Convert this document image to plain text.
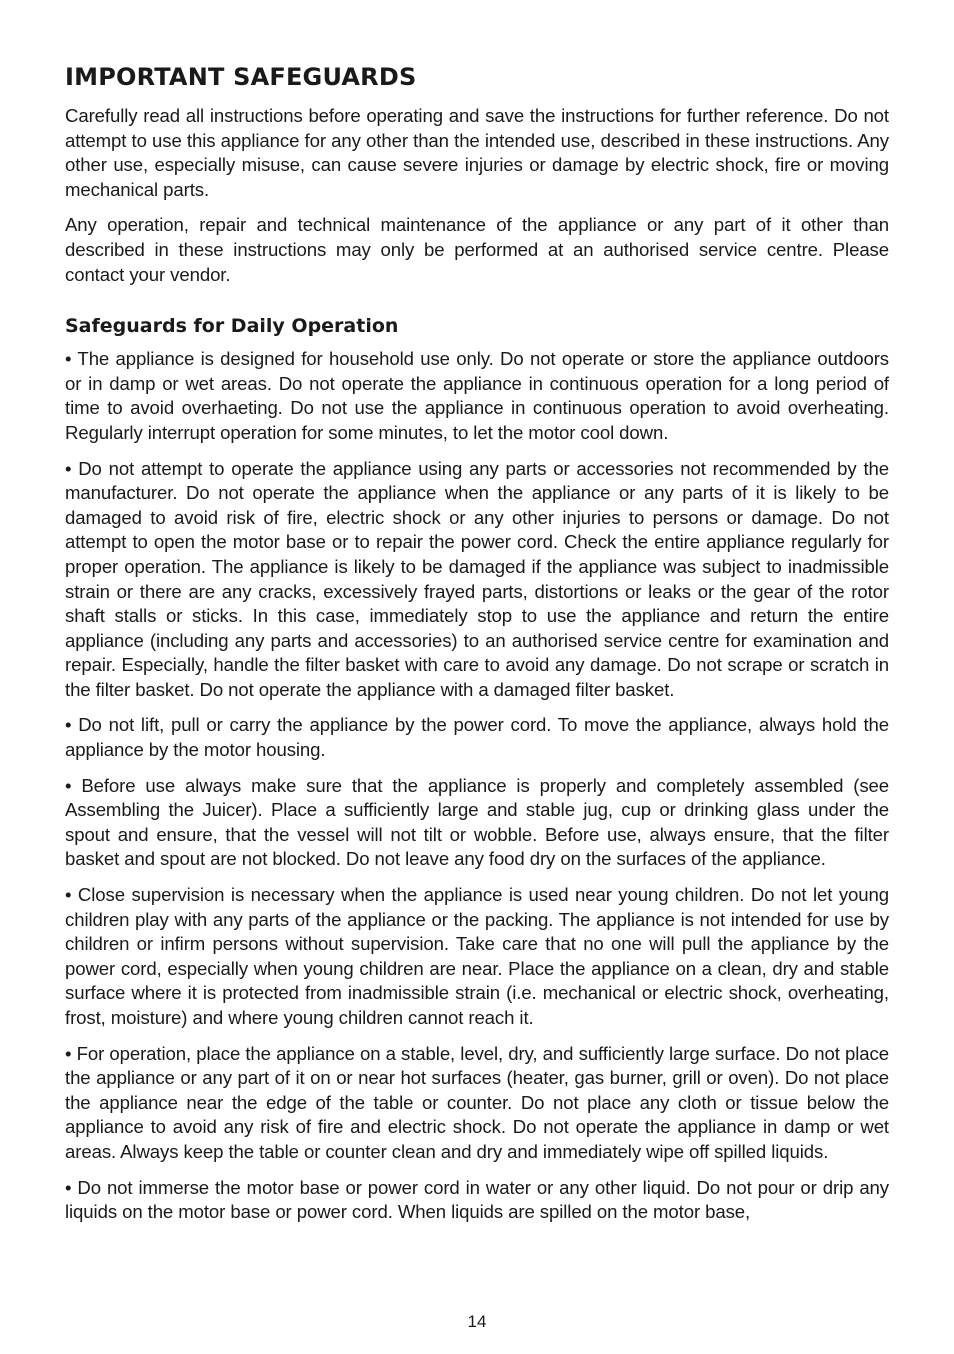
IMPORTANT SAFEGUARDS

Carefully read all instructions before operating and save the instructions for further reference. Do not attempt to use this appliance for any other than the intended use, described in these instructions. Any other use, especially misuse, can cause severe injuries or damage by electric shock, fire or moving mechanical parts.

Any operation, repair and technical maintenance of the appliance or any part of it other than described in these instructions may only be performed at an authorised service centre. Please contact your vendor.

Safeguards for Daily Operation

• The appliance is designed for household use only. Do not operate or store the appliance outdoors or in damp or wet areas. Do not operate the appliance in continuous operation for a long period of time to avoid overhaeting. Do not use the appliance in continuous operation to avoid overheating. Regularly interrupt operation for some minutes, to let the motor cool down.

• Do not attempt to operate the appliance using any parts or accessories not recommended by the manufacturer. Do not operate the appliance when the appliance or any parts of it is likely to be damaged to avoid risk of fire, electric shock or any other injuries to persons or damage. Do not attempt to open the motor base or to repair the power cord. Check the entire appliance regularly for proper operation. The appliance is likely to be damaged if the appliance was subject to inadmissible strain or there are any cracks, excessively frayed parts, distortions or leaks or the gear of the rotor shaft stalls or sticks. In this case, immediately stop to use the appliance and return the entire appliance (including any parts and accessories) to an authorised service centre for examination and repair. Especially, handle the filter basket with care to avoid any damage. Do not scrape or scratch in the filter basket. Do not operate the appliance with a damaged filter basket.

• Do not lift, pull or carry the appliance by the power cord. To move the appliance, always hold the appliance by the motor housing.

• Before use always make sure that the appliance is properly and completely assembled (see Assembling the Juicer). Place a sufficiently large and stable jug, cup or drinking glass under the spout and ensure, that the vessel will not tilt or wobble. Before use, always ensure, that the filter basket and spout are not blocked. Do not leave any food dry on the surfaces of the appliance.

• Close supervision is necessary when the appliance is used near young children. Do not let young children play with any parts of the appliance or the packing. The appliance is not intended for use by children or infirm persons without supervision. Take care that no one will pull the appliance by the power cord, especially when young children are near. Place the appliance on a clean, dry and stable surface where it is protected from inadmissible strain (i.e. mechanical or electric shock, overheating, frost, moisture) and where young children cannot reach it.

• For operation, place the appliance on a stable, level, dry, and sufficiently large surface. Do not place the appliance or any part of it on or near hot surfaces (heater, gas burner, grill or oven). Do not place the appliance near the edge of the table or counter. Do not place any cloth or tissue below the appliance to avoid any risk of fire and electric shock. Do not operate the appliance in damp or wet areas. Always keep the table or counter clean and dry and immediately wipe off spilled liquids.

• Do not immerse the motor base or power cord in water or any other liquid. Do not pour or drip any liquids on the motor base or power cord. When liquids are spilled on the motor base,

14
